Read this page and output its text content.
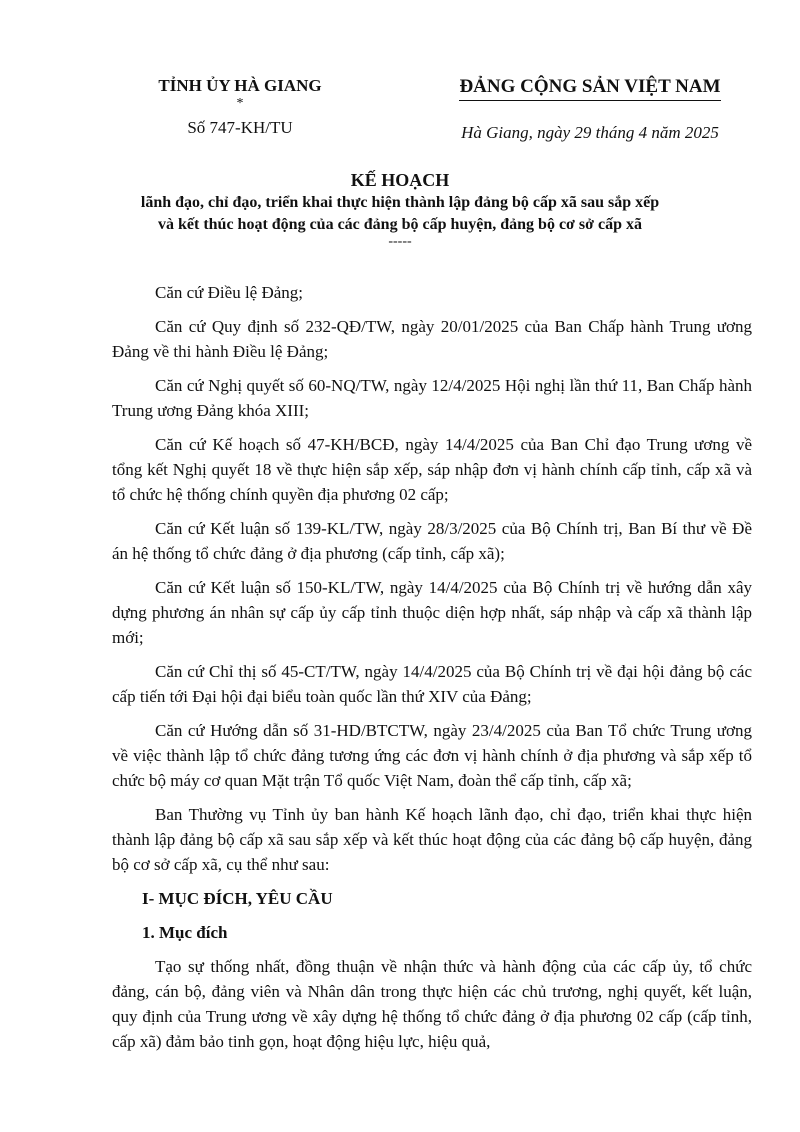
TỈNH ỦY HÀ GIANG
*
Số 747-KH/TU
ĐẢNG CỘNG SẢN VIỆT NAM
Hà Giang, ngày 29 tháng 4 năm 2025
KẾ HOẠCH
lãnh đạo, chỉ đạo, triển khai thực hiện thành lập đảng bộ cấp xã sau sắp xếp
và kết thúc hoạt động của các đảng bộ cấp huyện, đảng bộ cơ sở cấp xã
-----

Căn cứ Điều lệ Đảng;

Căn cứ Quy định số 232-QĐ/TW, ngày 20/01/2025 của Ban Chấp hành Trung ương Đảng về thi hành Điều lệ Đảng;

Căn cứ Nghị quyết số 60-NQ/TW, ngày 12/4/2025 Hội nghị lần thứ 11, Ban Chấp hành Trung ương Đảng khóa XIII;

Căn cứ Kế hoạch số 47-KH/BCĐ, ngày 14/4/2025 của Ban Chỉ đạo Trung ương về tổng kết Nghị quyết 18 về thực hiện sắp xếp, sáp nhập đơn vị hành chính cấp tỉnh, cấp xã và tổ chức hệ thống chính quyền địa phương 02 cấp;

Căn cứ Kết luận số 139-KL/TW, ngày 28/3/2025 của Bộ Chính trị, Ban Bí thư về Đề án hệ thống tổ chức đảng ở địa phương (cấp tỉnh, cấp xã);

Căn cứ Kết luận số 150-KL/TW, ngày 14/4/2025 của Bộ Chính trị về hướng dẫn xây dựng phương án nhân sự cấp ủy cấp tỉnh thuộc diện hợp nhất, sáp nhập và cấp xã thành lập mới;

Căn cứ Chỉ thị số 45-CT/TW, ngày 14/4/2025 của Bộ Chính trị về đại hội đảng bộ các cấp tiến tới Đại hội đại biểu toàn quốc lần thứ XIV của Đảng;

Căn cứ Hướng dẫn số 31-HD/BTCTW, ngày 23/4/2025 của Ban Tổ chức Trung ương về việc thành lập tổ chức đảng tương ứng các đơn vị hành chính ở địa phương và sắp xếp tổ chức bộ máy cơ quan Mặt trận Tổ quốc Việt Nam, đoàn thể cấp tỉnh, cấp xã;

Ban Thường vụ Tỉnh ủy ban hành Kế hoạch lãnh đạo, chỉ đạo, triển khai thực hiện thành lập đảng bộ cấp xã sau sắp xếp và kết thúc hoạt động của các đảng bộ cấp huyện, đảng bộ cơ sở cấp xã, cụ thể như sau:

I- MỤC ĐÍCH, YÊU CẦU
1. Mục đích

Tạo sự thống nhất, đồng thuận về nhận thức và hành động của các cấp ủy, tổ chức đảng, cán bộ, đảng viên và Nhân dân trong thực hiện các chủ trương, nghị quyết, kết luận, quy định của Trung ương về xây dựng hệ thống tổ chức đảng ở địa phương 02 cấp (cấp tỉnh, cấp xã) đảm bảo tinh gọn, hoạt động hiệu lực, hiệu quả,
